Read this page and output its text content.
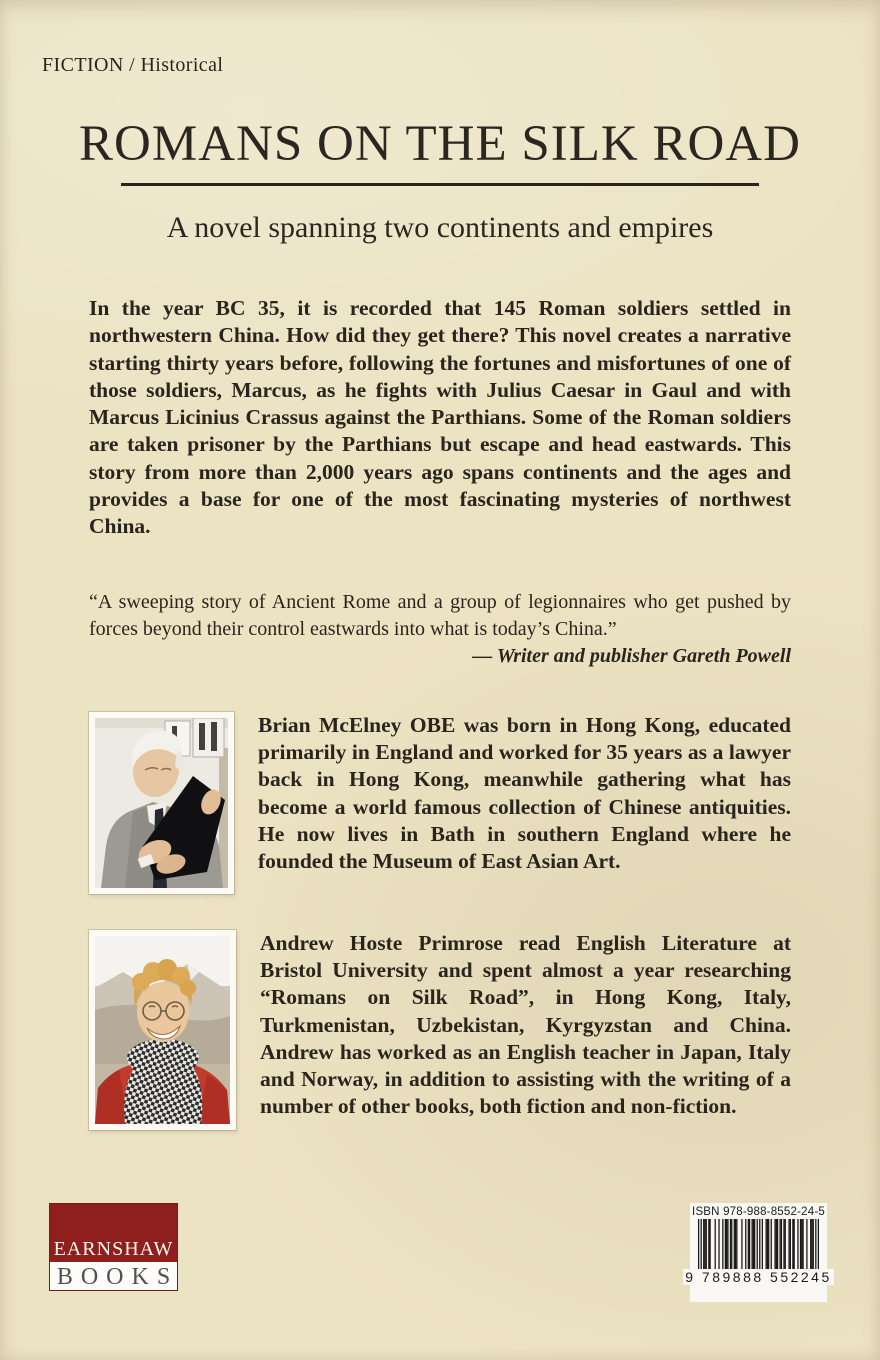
FICTION / Historical
ROMANS ON THE SILK ROAD
A novel spanning two continents and empires
In the year BC 35, it is recorded that 145 Roman soldiers settled in northwestern China. How did they get there? This novel creates a narrative starting thirty years before, following the fortunes and misfortunes of one of those soldiers, Marcus, as he fights with Julius Caesar in Gaul and with Marcus Licinius Crassus against the Parthians. Some of the Roman soldiers are taken prisoner by the Parthians but escape and head eastwards. This story from more than 2,000 years ago spans continents and the ages and provides a base for one of the most fascinating mysteries of northwest China.
“A sweeping story of Ancient Rome and a group of legionnaires who get pushed by forces beyond their control eastwards into what is today’s China.”
— Writer and publisher Gareth Powell
Brian McElney OBE was born in Hong Kong, educated primarily in England and worked for 35 years as a lawyer back in Hong Kong, meanwhile gathering what has become a world famous collection of Chinese antiquities. He now lives in Bath in southern England where he founded the Museum of East Asian Art.
Andrew Hoste Primrose read English Literature at Bristol University and spent almost a year researching “Romans on Silk Road”, in Hong Kong, Italy, Turkmenistan, Uzbekistan, Kyrgyzstan and China. Andrew has worked as an English teacher in Japan, Italy and Norway, in addition to assisting with the writing of a number of other books, both fiction and non-fiction.
EARNSHAW
BOOKS
ISBN 978-988-8552-24-5
9 789888 552245
